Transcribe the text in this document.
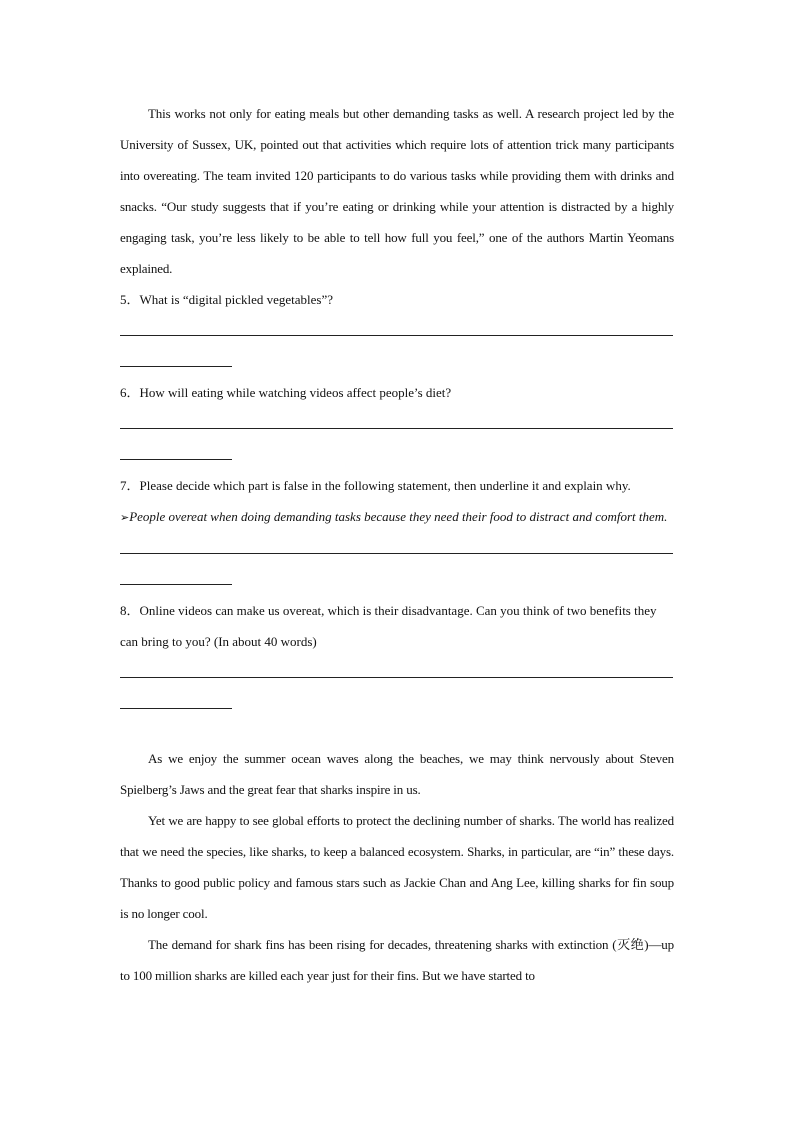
This works not only for eating meals but other demanding tasks as well. A research project led by the University of Sussex, UK, pointed out that activities which require lots of attention trick many participants into overeating. The team invited 120 participants to do various tasks while providing them with drinks and snacks. “Our study suggests that if you’re eating or drinking while your attention is distracted by a highly engaging task, you’re less likely to be able to tell how full you feel,” one of the authors Martin Yeomans explained.

5．What is “digital pickled vegetables”?

6．How will eating while watching videos affect people’s diet?

7．Please decide which part is false in the following statement, then underline it and explain why.

➢People overeat when doing demanding tasks because they need their food to distract and comfort them.

8．Online videos can make us overeat, which is their disadvantage. Can you think of two benefits they can bring to you? (In about 40 words)

As we enjoy the summer ocean waves along the beaches, we may think nervously about Steven Spielberg’s Jaws and the great fear that sharks inspire in us.

Yet we are happy to see global efforts to protect the declining number of sharks. The world has realized that we need the species, like sharks, to keep a balanced ecosystem. Sharks, in particular, are “in” these days. Thanks to good public policy and famous stars such as Jackie Chan and Ang Lee, killing sharks for fin soup is no longer cool.

The demand for shark fins has been rising for decades, threatening sharks with extinction (灭绝)—up to 100 million sharks are killed each year just for their fins. But we have started to
